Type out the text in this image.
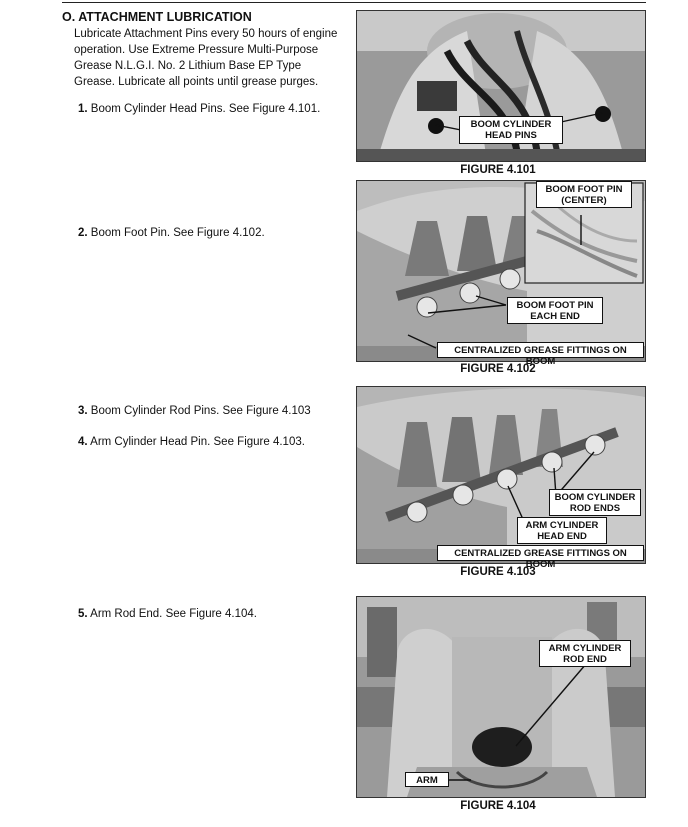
O. ATTACHMENT LUBRICATION
Lubricate Attachment Pins every 50 hours of engine operation. Use Extreme Pressure Multi-Purpose Grease N.L.G.I. No. 2 Lithium Base EP Type Grease. Lubricate all points until grease purges.
1. Boom Cylinder Head Pins. See Figure 4.101.
2. Boom Foot Pin. See Figure 4.102.
3. Boom Cylinder Rod Pins. See Figure 4.103
4. Arm Cylinder Head Pin. See Figure 4.103.
5. Arm Rod End. See Figure 4.104.
BOOM CYLINDER HEAD PINS
FIGURE 4.101
BOOM FOOT PIN (CENTER)
BOOM FOOT PIN EACH END
CENTRALIZED GREASE FITTINGS ON BOOM
FIGURE 4.102
BOOM CYLINDER ROD ENDS
ARM CYLINDER HEAD END
CENTRALIZED GREASE FITTINGS ON BOOM
FIGURE 4.103
ARM CYLINDER ROD END
ARM
FIGURE 4.104
